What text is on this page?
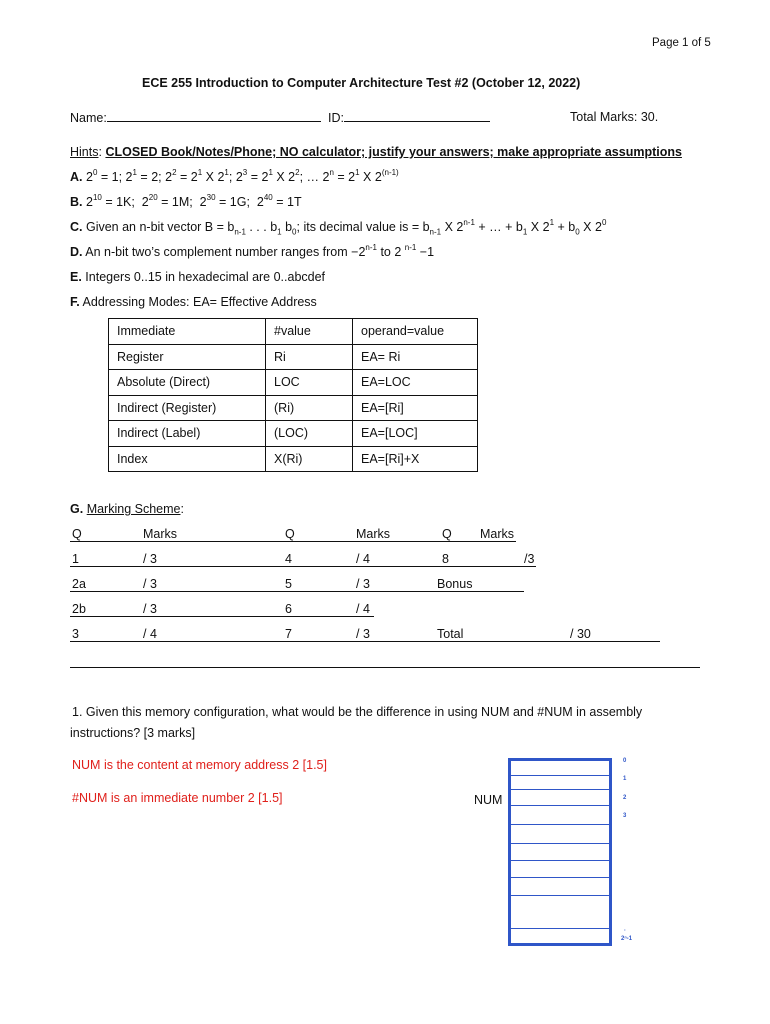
Page 1 of 5
ECE 255 Introduction to Computer Architecture Test #2 (October 12, 2022)
Name:	ID:	Total Marks: 30.
Hints: CLOSED Book/Notes/Phone; NO calculator; justify your answers; make appropriate assumptions
A. $2^0 = 1$; $2^1 = 2$; $2^2 = 2^1$ X $2^1$; $2^3 = 2^1$ X $2^2$; … $2^n = 2^1$ X 2$^{(n-1)}$
B. $2^{10} = 1K$;  $2^{20} = 1M$;  $2^{30} = 1G$;  $2^{40} = 1T$
C. Given an n-bit vector $B = b_{n-1}$ . . . $b_1$ $b_0$; its decimal value is = $b_{n-1}$ X $2^{n-1}$ + … + $b_1$ X $2^1 + b_0$ X $2^0$
D. An n-bit two’s complement number ranges from $-2^{n-1}$ to 2 $^{n-1}$ −1
E. Integers 0..15 in hexadecimal are 0..abcdef
F. Addressing Modes: EA= Effective Address
Immediate	#value	operand=value
Register	Ri	EA= Ri
Absolute (Direct)	LOC	EA=LOC
Indirect (Register)	(Ri)	EA=[Ri]
Indirect (Label)	(LOC)	EA=[LOC]
Index	X(Ri)	EA=[Ri]+X
G. Marking Scheme:
Q	Marks	Q	Marks	Q Marks
1	/ 3	4	/ 4	8	/3
2a	/ 3	5	/ 3	Bonus
2b	/ 3	6	/ 4
3	/ 4	7	/ 3	Total	/ 30
1. Given this memory configuration, what would be the difference in using NUM and #NUM in assembly
instructions? [3 marks]
NUM is the content at memory address 2 [1.5]
#NUM is an immediate number 2 [1.5]	NUM
0
1
2
3
·
2ⁿ-1
